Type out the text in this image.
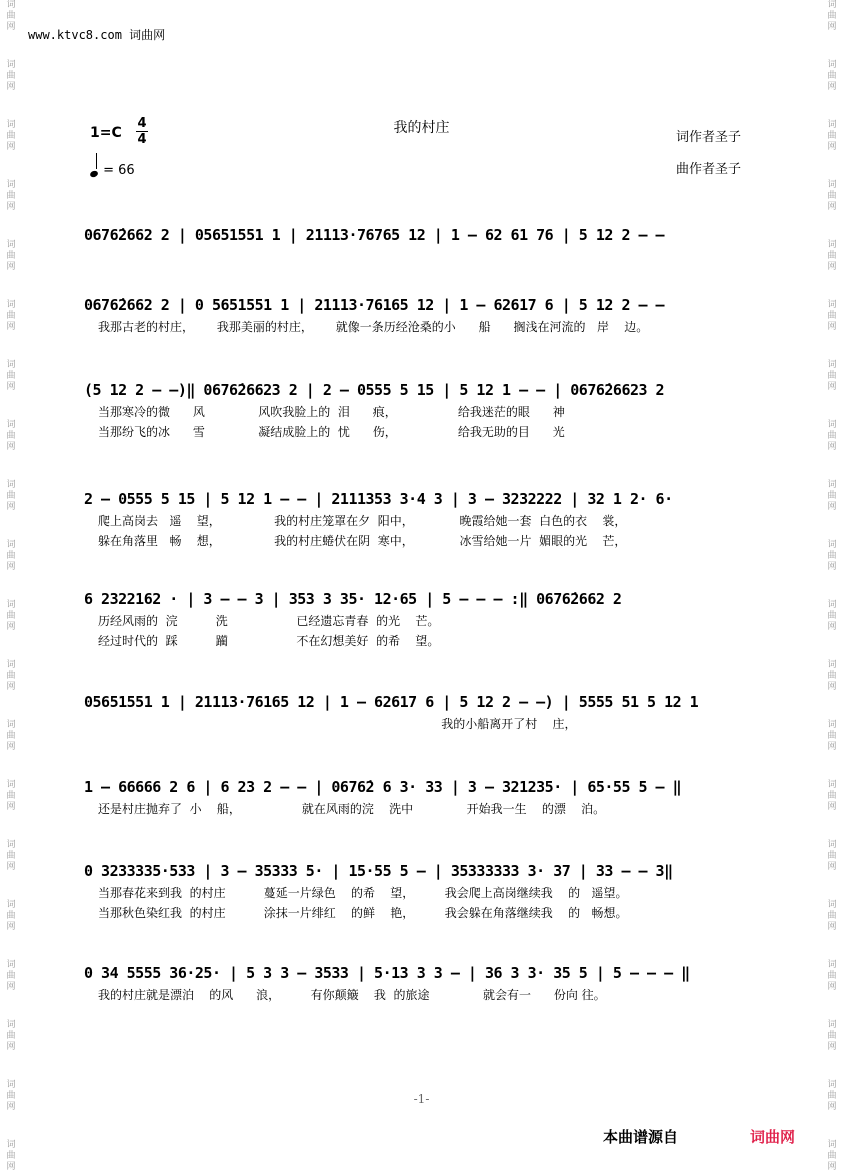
词曲网
词曲网
词曲网
词曲网
词曲网
词曲网
词曲网
词曲网
词曲网
词曲网
词曲网
词曲网
词曲网
词曲网
词曲网
词曲网
词曲网
词曲网
词曲网
词曲网
词曲网
词曲网
词曲网
词曲网
词曲网
词曲网
词曲网
词曲网
词曲网
词曲网
词曲网
词曲网
词曲网
词曲网
词曲网
词曲网
词曲网
词曲网
词曲网
词曲网
www.ktvc8.com 词曲网
我的村庄
1=C
4
4
= 66
词作者圣子
曲作者圣子
0676̇2662 2 | 05651551 1 | 21113·76765 12 | 1 — 62 61 76 | 5 12 2 — —
0676̇2662 2 | 0 5651551 1 | 21113·76165 12 | 1 — 62617 6 | 5 12 2 — —
我那古老的村庄，      我那美丽的村庄，      就像一条历经沧桑的小      船      搁浅在河流的   岸    边。
(5 12 2 — —)‖ 0676̇26623 2 | 2 — 0555 5 15 | 5 12 1 — — | 0676̇26623 2
当那寒冷的微      风              风吹我脸上的  泪      痕，                给我迷茫的眼      神
当那纷飞的冰      雪              凝结成脸上的  忧      伤，                给我无助的目      光
2 — 0555 5 15 | 5 12 1 — — | 2111353 3·4 3 | 3 — 3232222 | 32 1 2· 6·
爬上高岗去   遥    望，              我的村庄笼罩在夕  阳中，            晚霞给她一套  白色的衣    裳，
躲在角落里   畅    想，              我的村庄蜷伏在阴  寒中，            冰雪给她一片  媚眼的光    芒，
6 2322162 · | 3 — — 3 | 353 3 35· 12·65 | 5 — — — :‖ 0676̇2662 2
历经风雨的  浣          洗                  已经遗忘青春  的光    芒。
经过时代的  踩          躏                  不在幻想美好  的希    望。
05651551 1 | 21113·76165 12 | 1 — 62617 6 | 5 12 2 — —) | 5555 51 5 12 1
我的小船离开了村    庄，
1 — 66666 2 6 | 6 23 2 — — | 0676̇2 6 3· 33 | 3 — 321235· | 65·55 5 — ‖
还是村庄抛弃了  小    船，                就在风雨的浣    洗中              开始我一生    的漂    泊。
0 3233335·533 | 3 — 35333 5· | 15·55 5 — | 35333333 3· 37 | 33 — — 3‖
当那春花来到我  的村庄          蔓延一片绿色    的希    望，        我会爬上高岗继续我    的   遥望。
当那秋色染红我  的村庄          涂抹一片绯红    的鲜    艳，        我会躲在角落继续我    的   畅想。
0 34 5555 36·25· | 5 3 3 — 3533 | 5·13 3 3 — | 36 3 3· 35 5 | 5 — — — ‖
我的村庄就是漂泊    的风      浪，        有你颠簸    我  的旅途              就会有一      份向 往。
-1-
本曲谱源自	词曲网
